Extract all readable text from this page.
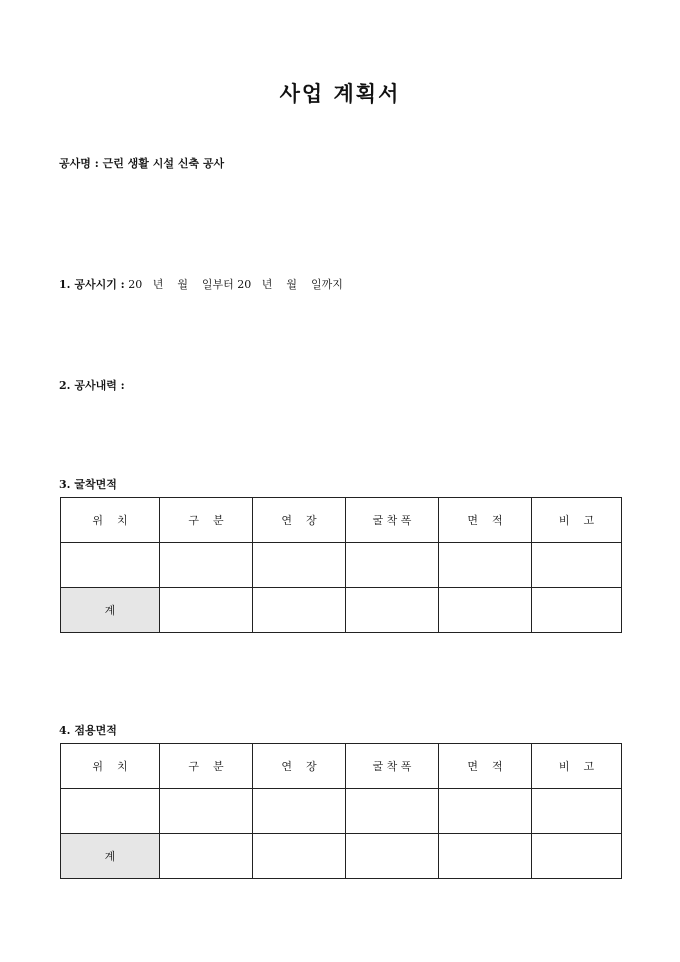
사업 계획서
공사명 : 근린 생활 시설 신축 공사
1. 공사시기 : 20   년    월    일부터 20   년    월    일까지
2. 공사내력 :
3. 굴착면적
위    치	구    분	연    장	굴 착 폭	면    적	비    고

계					
4. 점용면적
위    치	구    분	연    장	굴 착 폭	면    적	비    고

계					
